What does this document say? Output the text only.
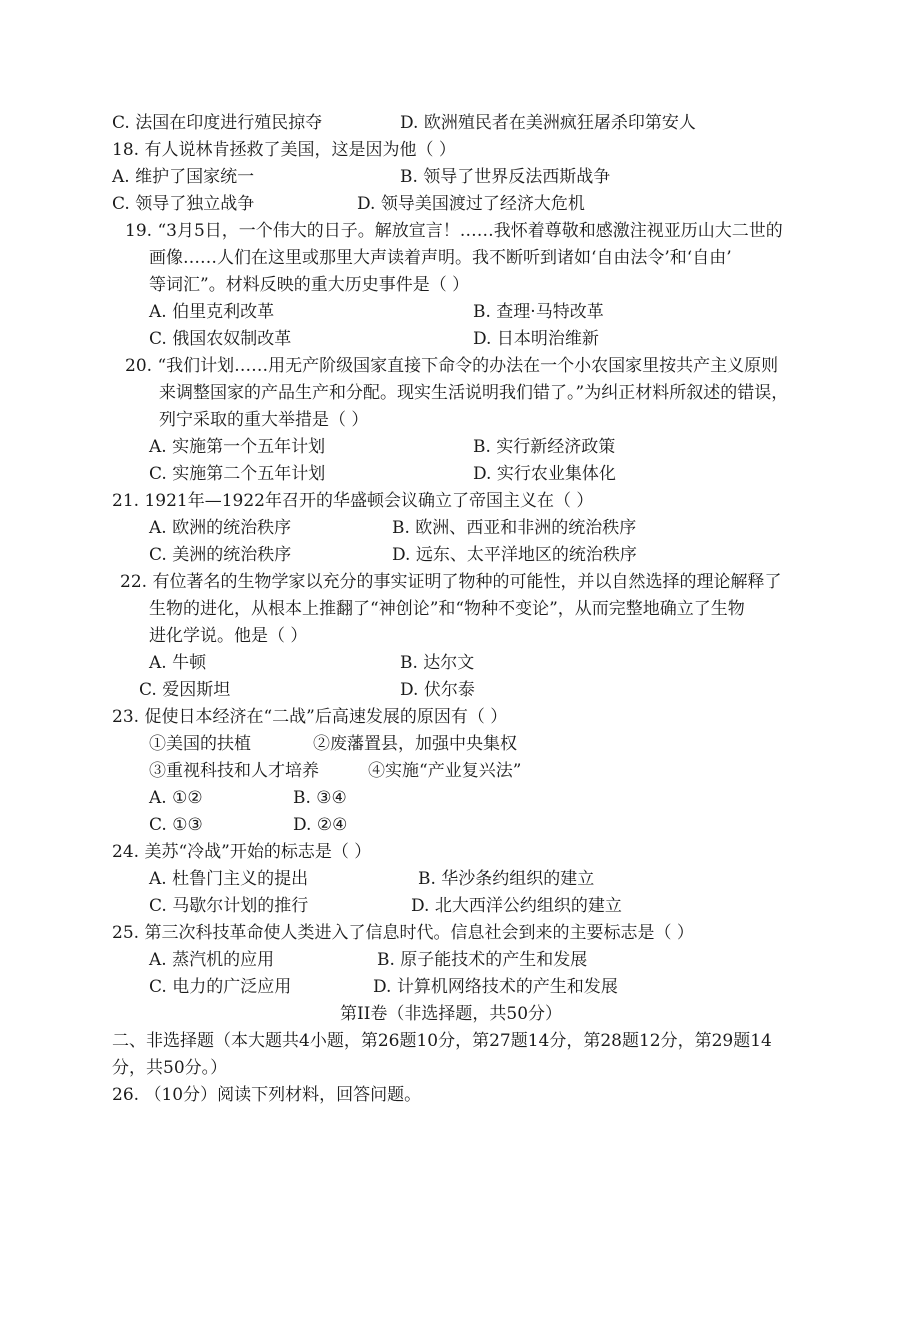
C. 法国在印度进行殖民掠夺	D. 欧洲殖民者在美洲疯狂屠杀印第安人
18. 有人说林肯拯救了美国，这是因为他（ ）
A. 维护了国家统一	B. 领导了世界反法西斯战争
C. 领导了独立战争	D. 领导美国渡过了经济大危机
19. “3月5日，一个伟大的日子。解放宣言！……我怀着尊敬和感激注视亚历山大二世的
画像……人们在这里或那里大声读着声明。我不断听到诸如‘自由法令’和‘自由’
等词汇”。材料反映的重大历史事件是（ ）
A. 伯里克利改革	B. 查理·马特改革
C. 俄国农奴制改革	D. 日本明治维新
20. “我们计划……用无产阶级国家直接下命令的办法在一个小农国家里按共产主义原则
来调整国家的产品生产和分配。现实生活说明我们错了。”为纠正材料所叙述的错误，
列宁采取的重大举措是（ ）
A. 实施第一个五年计划	B. 实行新经济政策
C. 实施第二个五年计划	D. 实行农业集体化
21. 1921年—1922年召开的华盛顿会议确立了帝国主义在（ ）
A. 欧洲的统治秩序	B. 欧洲、西亚和非洲的统治秩序
C. 美洲的统治秩序	D. 远东、太平洋地区的统治秩序
22. 有位著名的生物学家以充分的事实证明了物种的可能性，并以自然选择的理论解释了
生物的进化，从根本上推翻了“神创论”和“物种不变论”，从而完整地确立了生物
进化学说。他是（ ）
A. 牛顿	B. 达尔文
C. 爱因斯坦	D. 伏尔泰
23. 促使日本经济在“二战”后高速发展的原因有（ ）
①美国的扶植	②废藩置县，加强中央集权
③重视科技和人才培养	④实施“产业复兴法”
A. ①②	B. ③④
C. ①③	D. ②④
24. 美苏“冷战”开始的标志是（ ）
A. 杜鲁门主义的提出	B. 华沙条约组织的建立
C. 马歇尔计划的推行	D. 北大西洋公约组织的建立
25. 第三次科技革命使人类进入了信息时代。信息社会到来的主要标志是（ ）
A. 蒸汽机的应用	B. 原子能技术的产生和发展
C. 电力的广泛应用	D. 计算机网络技术的产生和发展
第II卷（非选择题，共50分）
二、非选择题（本大题共4小题，第26题10分，第27题14分，第28题12分，第29题14
分，共50分。）
26. （10分）阅读下列材料，回答问题。
